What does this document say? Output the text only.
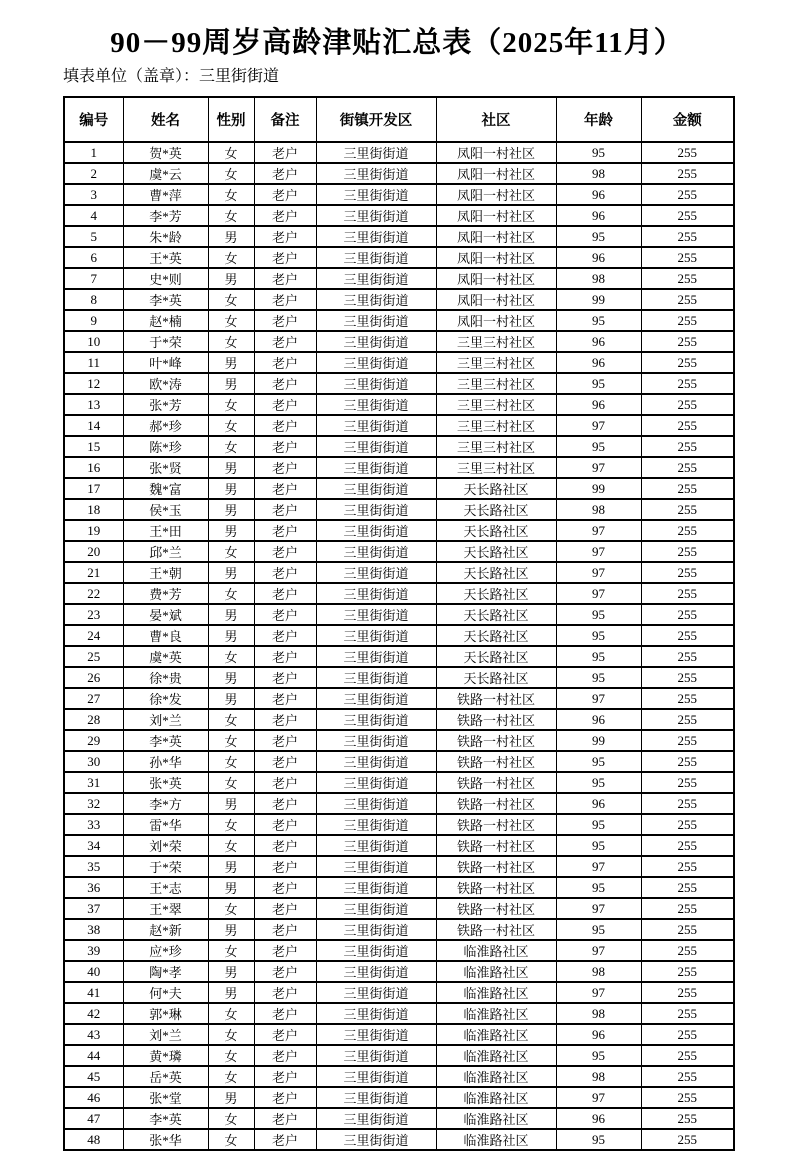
90－99周岁高龄津贴汇总表（2025年11月）
填表单位（盖章）：三里街街道
编号	姓名	性别	备注	街镇开发区	社区	年龄	金额
1	贺*英	女	老户	三里街街道	凤阳一村社区	95	255
2	虞*云	女	老户	三里街街道	凤阳一村社区	98	255
3	曹*萍	女	老户	三里街街道	凤阳一村社区	96	255
4	李*芳	女	老户	三里街街道	凤阳一村社区	96	255
5	朱*龄	男	老户	三里街街道	凤阳一村社区	95	255
6	王*英	女	老户	三里街街道	凤阳一村社区	96	255
7	史*则	男	老户	三里街街道	凤阳一村社区	98	255
8	李*英	女	老户	三里街街道	凤阳一村社区	99	255
9	赵*楠	女	老户	三里街街道	凤阳一村社区	95	255
10	于*荣	女	老户	三里街街道	三里三村社区	96	255
11	叶*峰	男	老户	三里街街道	三里三村社区	96	255
12	欧*涛	男	老户	三里街街道	三里三村社区	95	255
13	张*芳	女	老户	三里街街道	三里三村社区	96	255
14	郝*珍	女	老户	三里街街道	三里三村社区	97	255
15	陈*珍	女	老户	三里街街道	三里三村社区	95	255
16	张*贤	男	老户	三里街街道	三里三村社区	97	255
17	魏*富	男	老户	三里街街道	天长路社区	99	255
18	侯*玉	男	老户	三里街街道	天长路社区	98	255
19	王*田	男	老户	三里街街道	天长路社区	97	255
20	邱*兰	女	老户	三里街街道	天长路社区	97	255
21	王*朝	男	老户	三里街街道	天长路社区	97	255
22	费*芳	女	老户	三里街街道	天长路社区	97	255
23	晏*斌	男	老户	三里街街道	天长路社区	95	255
24	曹*良	男	老户	三里街街道	天长路社区	95	255
25	虞*英	女	老户	三里街街道	天长路社区	95	255
26	徐*贵	男	老户	三里街街道	天长路社区	95	255
27	徐*发	男	老户	三里街街道	铁路一村社区	97	255
28	刘*兰	女	老户	三里街街道	铁路一村社区	96	255
29	李*英	女	老户	三里街街道	铁路一村社区	99	255
30	孙*华	女	老户	三里街街道	铁路一村社区	95	255
31	张*英	女	老户	三里街街道	铁路一村社区	95	255
32	李*方	男	老户	三里街街道	铁路一村社区	96	255
33	雷*华	女	老户	三里街街道	铁路一村社区	95	255
34	刘*荣	女	老户	三里街街道	铁路一村社区	95	255
35	于*荣	男	老户	三里街街道	铁路一村社区	97	255
36	王*志	男	老户	三里街街道	铁路一村社区	95	255
37	王*翠	女	老户	三里街街道	铁路一村社区	97	255
38	赵*新	男	老户	三里街街道	铁路一村社区	95	255
39	应*珍	女	老户	三里街街道	临淮路社区	97	255
40	陶*孝	男	老户	三里街街道	临淮路社区	98	255
41	何*夫	男	老户	三里街街道	临淮路社区	97	255
42	郭*琳	女	老户	三里街街道	临淮路社区	98	255
43	刘*兰	女	老户	三里街街道	临淮路社区	96	255
44	黄*璘	女	老户	三里街街道	临淮路社区	95	255
45	岳*英	女	老户	三里街街道	临淮路社区	98	255
46	张*堂	男	老户	三里街街道	临淮路社区	97	255
47	李*英	女	老户	三里街街道	临淮路社区	96	255
48	张*华	女	老户	三里街街道	临淮路社区	95	255
